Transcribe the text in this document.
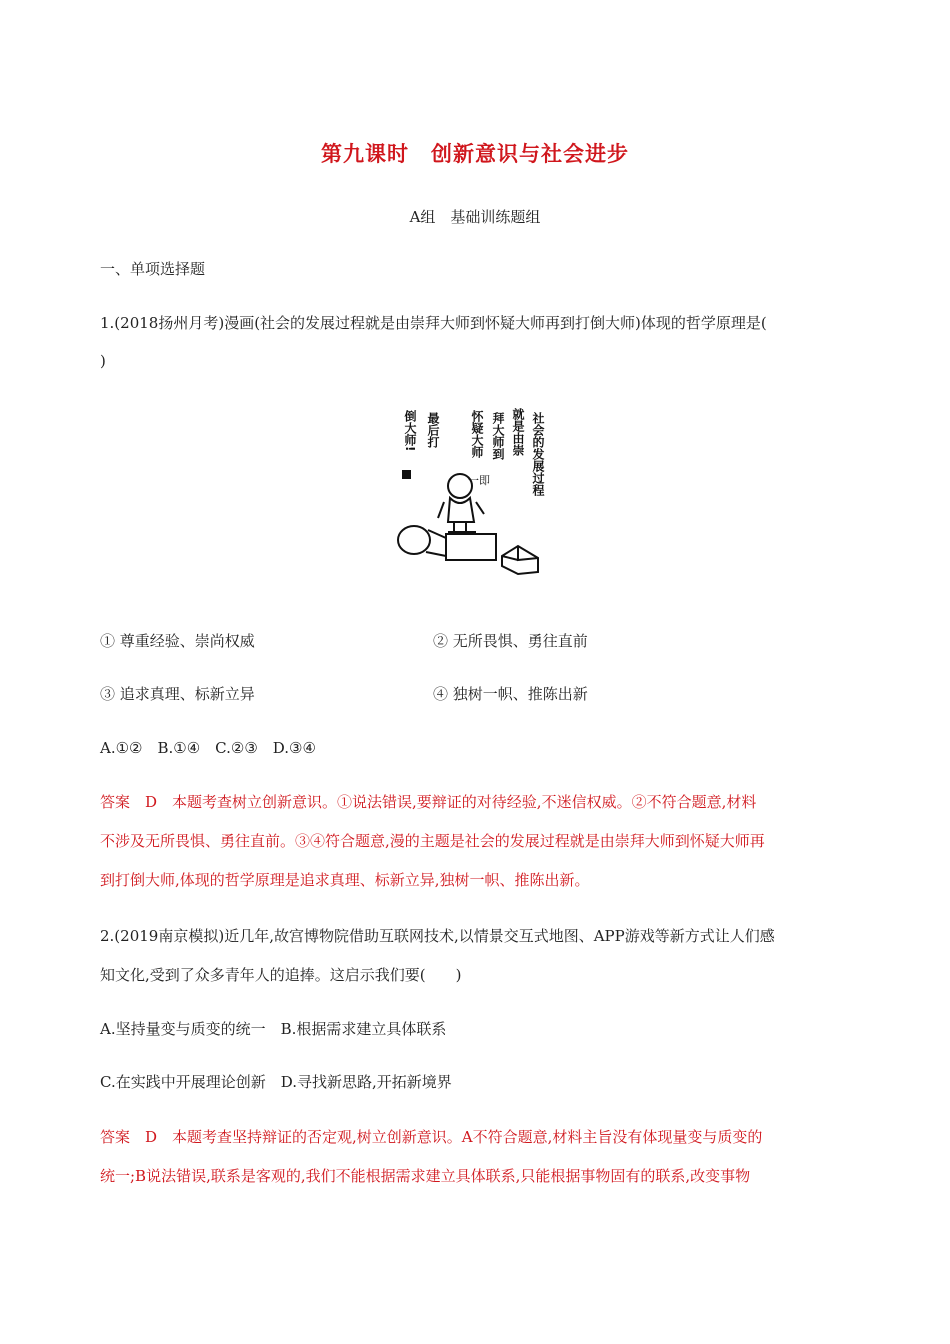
第九课时　创新意识与社会进步
A组　基础训练题组
一、单项选择题
1.(2018扬州月考)漫画(社会的发展过程就是由崇拜大师到怀疑大师再到打倒大师)体现的哲学原理是(
)
社会的发展过程
就是由崇
拜大师到
怀疑大师
最后打
倒大师!
一即
① 尊重经验、崇尚权威	② 无所畏惧、勇往直前
③ 追求真理、标新立异	④ 独树一帜、推陈出新
A.①②　B.①④　C.②③　D.③④
答案　D　本题考查树立创新意识。①说法错误,要辩证的对待经验,不迷信权威。②不符合题意,材料
不涉及无所畏惧、勇往直前。③④符合题意,漫的主题是社会的发展过程就是由崇拜大师到怀疑大师再
到打倒大师,体现的哲学原理是追求真理、标新立异,独树一帜、推陈出新。
2.(2019南京模拟)近几年,故宫博物院借助互联网技术,以情景交互式地图、APP游戏等新方式让人们感
知文化,受到了众多青年人的追捧。这启示我们要(　　)
A.坚持量变与质变的统一　B.根据需求建立具体联系
C.在实践中开展理论创新　D.寻找新思路,开拓新境界
答案　D　本题考查坚持辩证的否定观,树立创新意识。A不符合题意,材料主旨没有体现量变与质变的
统一;B说法错误,联系是客观的,我们不能根据需求建立具体联系,只能根据事物固有的联系,改变事物
